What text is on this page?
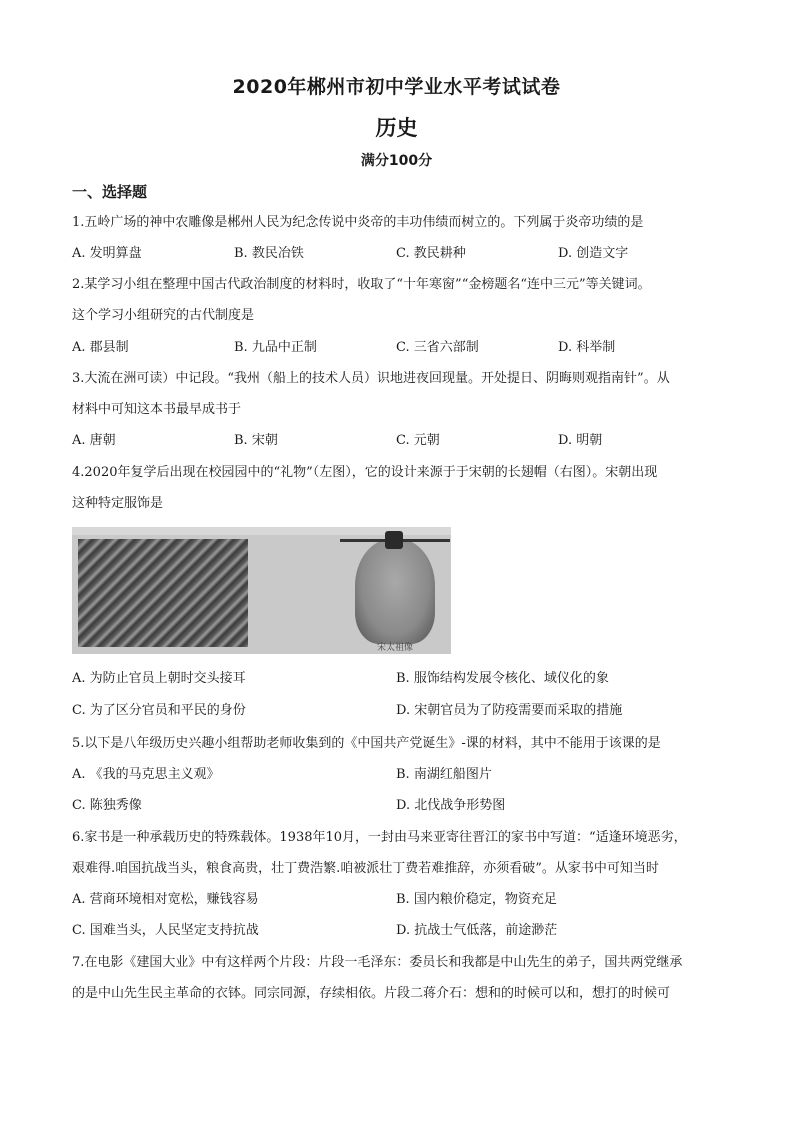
2020年郴州市初中学业水平考试试卷
历史
满分100分
一、选择题
1.五岭广场的神中农雕像是郴州人民为纪念传说中炎帝的丰功伟绩而树立的。下列属于炎帝功绩的是
A. 发明算盘	B. 教民冶铁	C. 教民耕种	D. 创造文字
2.某学习小组在整理中国古代政治制度的材料时，收取了“十年寒窗”“金榜题名“连中三元”等关键词。
这个学习小组研究的古代制度是
A. 郡县制	B. 九品中正制	C. 三省六部制	D. 科举制
3.大流在洲可读）中记段。“我州（船上的技术人员）识地进夜回现量。开处提日、阴晦则观指南针”。从
材料中可知这本书最早成书于
A. 唐朝	B. 宋朝	C. 元朝	D. 明朝
4.2020年复学后出现在校园园中的“礼物”（左图），它的设计来源于于宋朝的长翅帽（右图）。宋朝出现
这种特定服饰是
宋太祖像
A. 为防止官员上朝时交头接耳	B. 服饰结构发展令核化、域仪化的象
C. 为了区分官员和平民的身份	D. 宋朝官员为了防疫需要而采取的措施
5.以下是八年级历史兴趣小组帮助老师收集到的《中国共产党诞生》-课的材料，其中不能用于该课的是
A. 《我的马克思主义观》	B. 南湖红船图片
C. 陈独秀像	D. 北伐战争形势图
6.家书是一种承载历史的特殊载体。1938年10月，一封由马来亚寄往晋江的家书中写道：“适逢环境恶劣，
艰难得.咱国抗战当头，粮食高贵，壮丁费浩繁.咱被派壮丁费若难推辞，亦须看破”。从家书中可知当时
A. 营商环境相对宽松，赚钱容易	B. 国内粮价稳定，物资充足
C. 国难当头，人民坚定支持抗战	D. 抗战士气低落，前途渺茫
7.在电影《建国大业》中有这样两个片段：片段一毛泽东：委员长和我都是中山先生的弟子，国共两党继承
的是中山先生民主革命的衣钵。同宗同源，存续相依。片段二蒋介石：想和的时候可以和，想打的时候可
